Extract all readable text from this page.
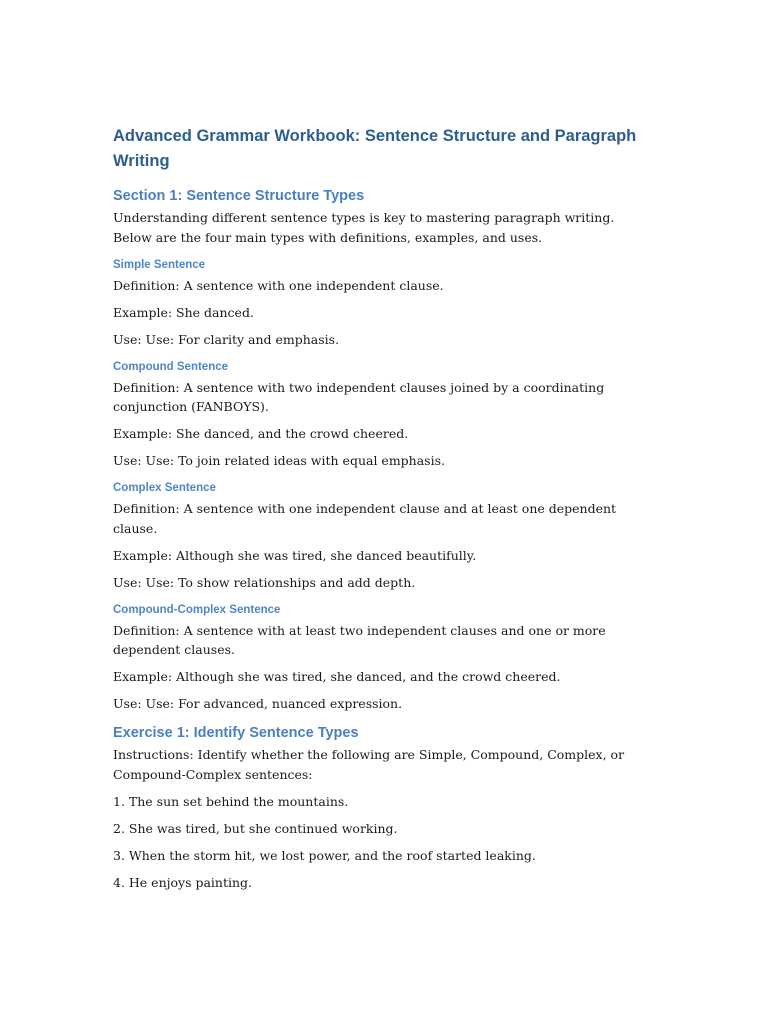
Advanced Grammar Workbook: Sentence Structure and Paragraph Writing
Section 1: Sentence Structure Types

Understanding different sentence types is key to mastering paragraph writing. Below are the four main types with definitions, examples, and uses.

Simple Sentence

Definition: A sentence with one independent clause.

Example: She danced.

Use: Use: For clarity and emphasis.

Compound Sentence

Definition: A sentence with two independent clauses joined by a coordinating conjunction (FANBOYS).

Example: She danced, and the crowd cheered.

Use: Use: To join related ideas with equal emphasis.

Complex Sentence

Definition: A sentence with one independent clause and at least one dependent clause.

Example: Although she was tired, she danced beautifully.

Use: Use: To show relationships and add depth.

Compound-Complex Sentence

Definition: A sentence with at least two independent clauses and one or more dependent clauses.

Example: Although she was tired, she danced, and the crowd cheered.

Use: Use: For advanced, nuanced expression.

Exercise 1: Identify Sentence Types

Instructions: Identify whether the following are Simple, Compound, Complex, or Compound-Complex sentences:

1. The sun set behind the mountains.

2. She was tired, but she continued working.

3. When the storm hit, we lost power, and the roof started leaking.

4. He enjoys painting.
